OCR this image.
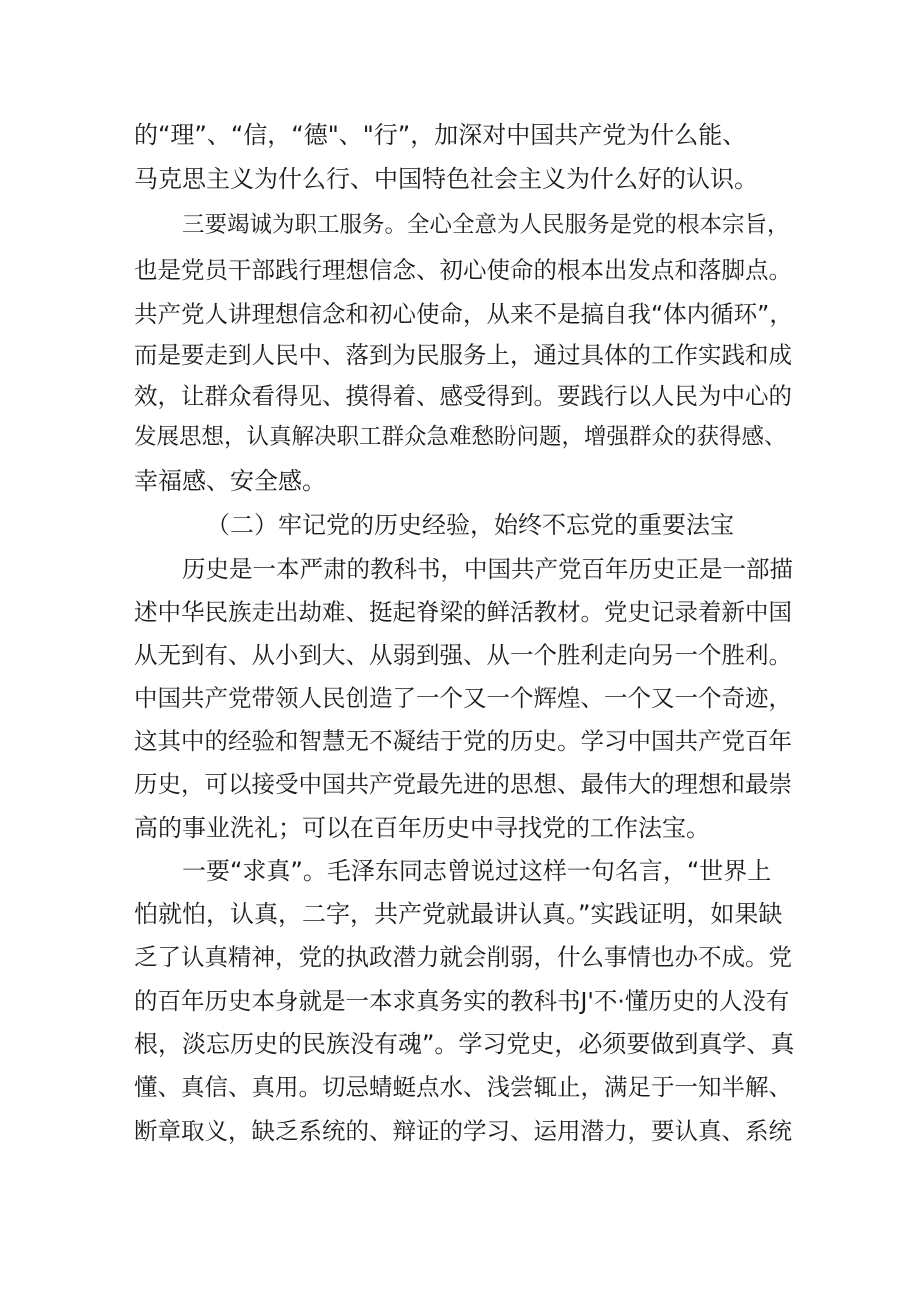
的“理”、“信，“德"、"行”，加深对中国共产党为什么能、
马克思主义为什么行、中国特色社会主义为什么好的认识。
三要竭诚为职工服务。全心全意为人民服务是党的根本宗旨，
也是党员干部践行理想信念、初心使命的根本出发点和落脚点。
共产党人讲理想信念和初心使命，从来不是搞自我“体内循环”，
而是要走到人民中、落到为民服务上，通过具体的工作实践和成
效，让群众看得见、摸得着、感受得到。要践行以人民为中心的
发展思想，认真解决职工群众急难愁盼问题，增强群众的获得感、
幸福感、安全感。
（二）牢记党的历史经验，始终不忘党的重要法宝
历史是一本严肃的教科书，中国共产党百年历史正是一部描
述中华民族走出劫难、挺起脊梁的鲜活教材。党史记录着新中国
从无到有、从小到大、从弱到强、从一个胜利走向另一个胜利。
中国共产党带领人民创造了一个又一个辉煌、一个又一个奇迹，
这其中的经验和智慧无不凝结于党的历史。学习中国共产党百年
历史，可以接受中国共产党最先进的思想、最伟大的理想和最崇
高的事业洗礼；可以在百年历史中寻找党的工作法宝。
一要“求真”。毛泽东同志曾说过这样一句名言，“世界上
怕就怕，认真，二字，共产党就最讲认真。”实践证明，如果缺
乏了认真精神，党的执政潜力就会削弱，什么事情也办不成。党
的百年历史本身就是一本求真务实的教科书J'不·懂历史的人没有
根，淡忘历史的民族没有魂”。学习党史，必须要做到真学、真
懂、真信、真用。切忌蜻蜓点水、浅尝辄止，满足于一知半解、
断章取义，缺乏系统的、辩证的学习、运用潜力，要认真、系统
